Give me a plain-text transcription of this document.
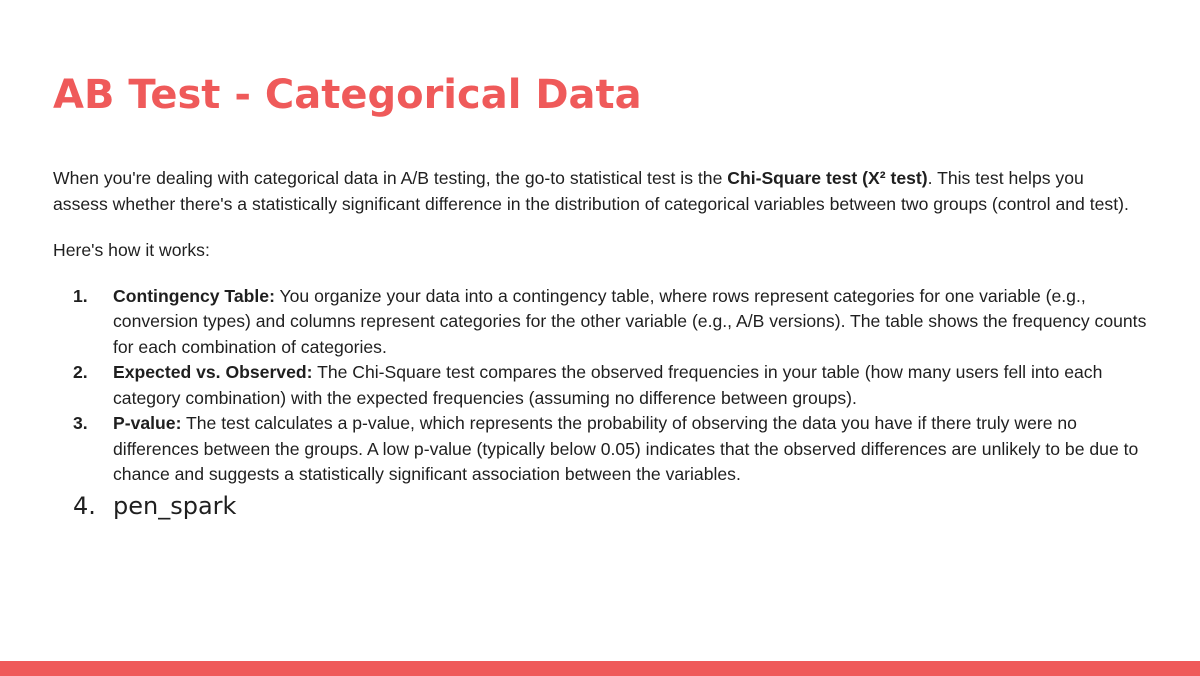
AB Test - Categorical Data

When you're dealing with categorical data in A/B testing, the go-to statistical test is the Chi-Square test (X² test). This test helps you assess whether there's a statistically significant difference in the distribution of categorical variables between two groups (control and test).

Here's how it works:

1. Contingency Table: You organize your data into a contingency table, where rows represent categories for one variable (e.g., conversion types) and columns represent categories for the other variable (e.g., A/B versions). The table shows the frequency counts for each combination of categories.
2. Expected vs. Observed: The Chi-Square test compares the observed frequencies in your table (how many users fell into each category combination) with the expected frequencies (assuming no difference between groups).
3. P-value: The test calculates a p-value, which represents the probability of observing the data you have if there truly were no differences between the groups. A low p-value (typically below 0.05) indicates that the observed differences are unlikely to be due to chance and suggests a statistically significant association between the variables.
4. pen_spark
